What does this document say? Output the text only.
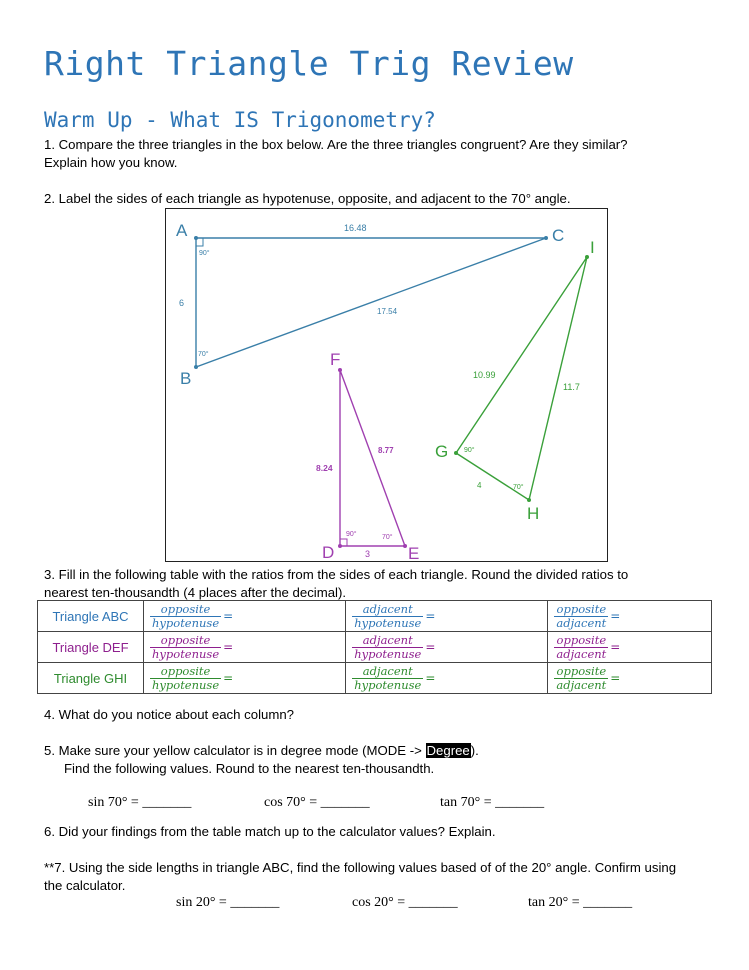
Right Triangle Trig Review
Warm Up - What IS Trigonometry?
1. Compare the three triangles in the box below. Are the three triangles congruent? Are they similar?
Explain how you know.
2. Label the sides of each triangle as hypotenuse, opposite, and adjacent to the 70° angle.
A
B
C
16.48
6
17.54
90°
70°	F
D	E
8.24
8.77
3
90°	70°
G
I
H
10.99
11.7
4
90°
70°
3. Fill in the following table with the ratios from the sides of each triangle. Round the divided ratios to
nearest ten-thousandth (4 places after the decimal).
Triangle ABC	$\frac{\text{opposite}}{\text{hypotenuse}}$ =	$\frac{\text{adjacent}}{\text{hypotenuse}}$ =	$\frac{\text{opposite}}{\text{adjacent}}$ =
Triangle DEF	$\frac{\text{opposite}}{\text{hypotenuse}}$ =	$\frac{\text{adjacent}}{\text{hypotenuse}}$ =	$\frac{\text{opposite}}{\text{adjacent}}$ =
Triangle GHI	$\frac{\text{opposite}}{\text{hypotenuse}}$ =	$\frac{\text{adjacent}}{\text{hypotenuse}}$ =	$\frac{\text{opposite}}{\text{adjacent}}$ =
4. What do you notice about each column?
5. Make sure your yellow calculator is in degree mode (MODE -> Degree).
Find the following values. Round to the nearest ten-thousandth.
sin 70° = _______	cos 70° = _______	tan 70° = _______
6. Did your findings from the table match up to the calculator values? Explain.
**7. Using the side lengths in triangle ABC, find the following values based of of the 20° angle. Confirm using
the calculator.
sin 20° = _______	cos 20° = _______	tan 20° = _______
